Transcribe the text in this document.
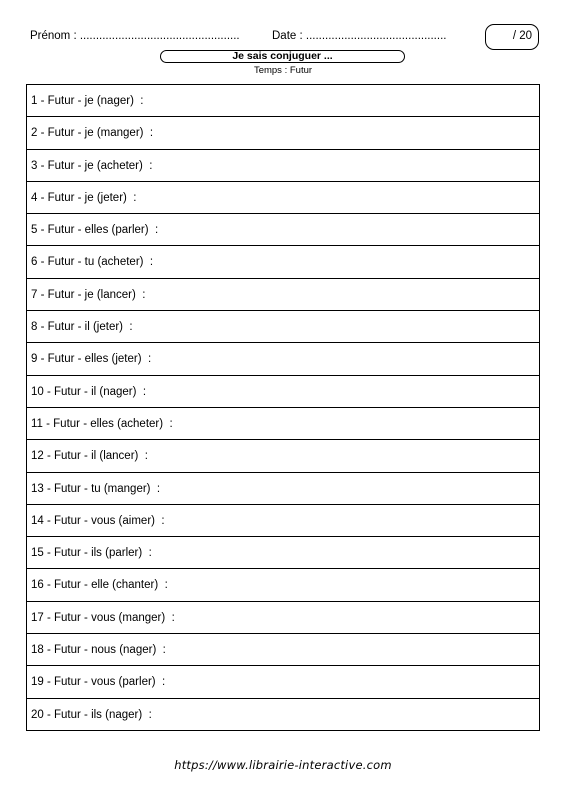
Prénom : ..................................................	Date : ............................................	/ 20
Je sais conjuguer ...
Temps : Futur
1 - Futur - je (nager)  :
2 - Futur - je (manger)  :
3 - Futur - je (acheter)  :
4 - Futur - je (jeter)  :
5 - Futur - elles (parler)  :
6 - Futur - tu (acheter)  :
7 - Futur - je (lancer)  :
8 - Futur - il (jeter)  :
9 - Futur - elles (jeter)  :
10 - Futur - il (nager)  :
11 - Futur - elles (acheter)  :
12 - Futur - il (lancer)  :
13 - Futur - tu (manger)  :
14 - Futur - vous (aimer)  :
15 - Futur - ils (parler)  :
16 - Futur - elle (chanter)  :
17 - Futur - vous (manger)  :
18 - Futur - nous (nager)  :
19 - Futur - vous (parler)  :
20 - Futur - ils (nager)  :
https://www.librairie-interactive.com
